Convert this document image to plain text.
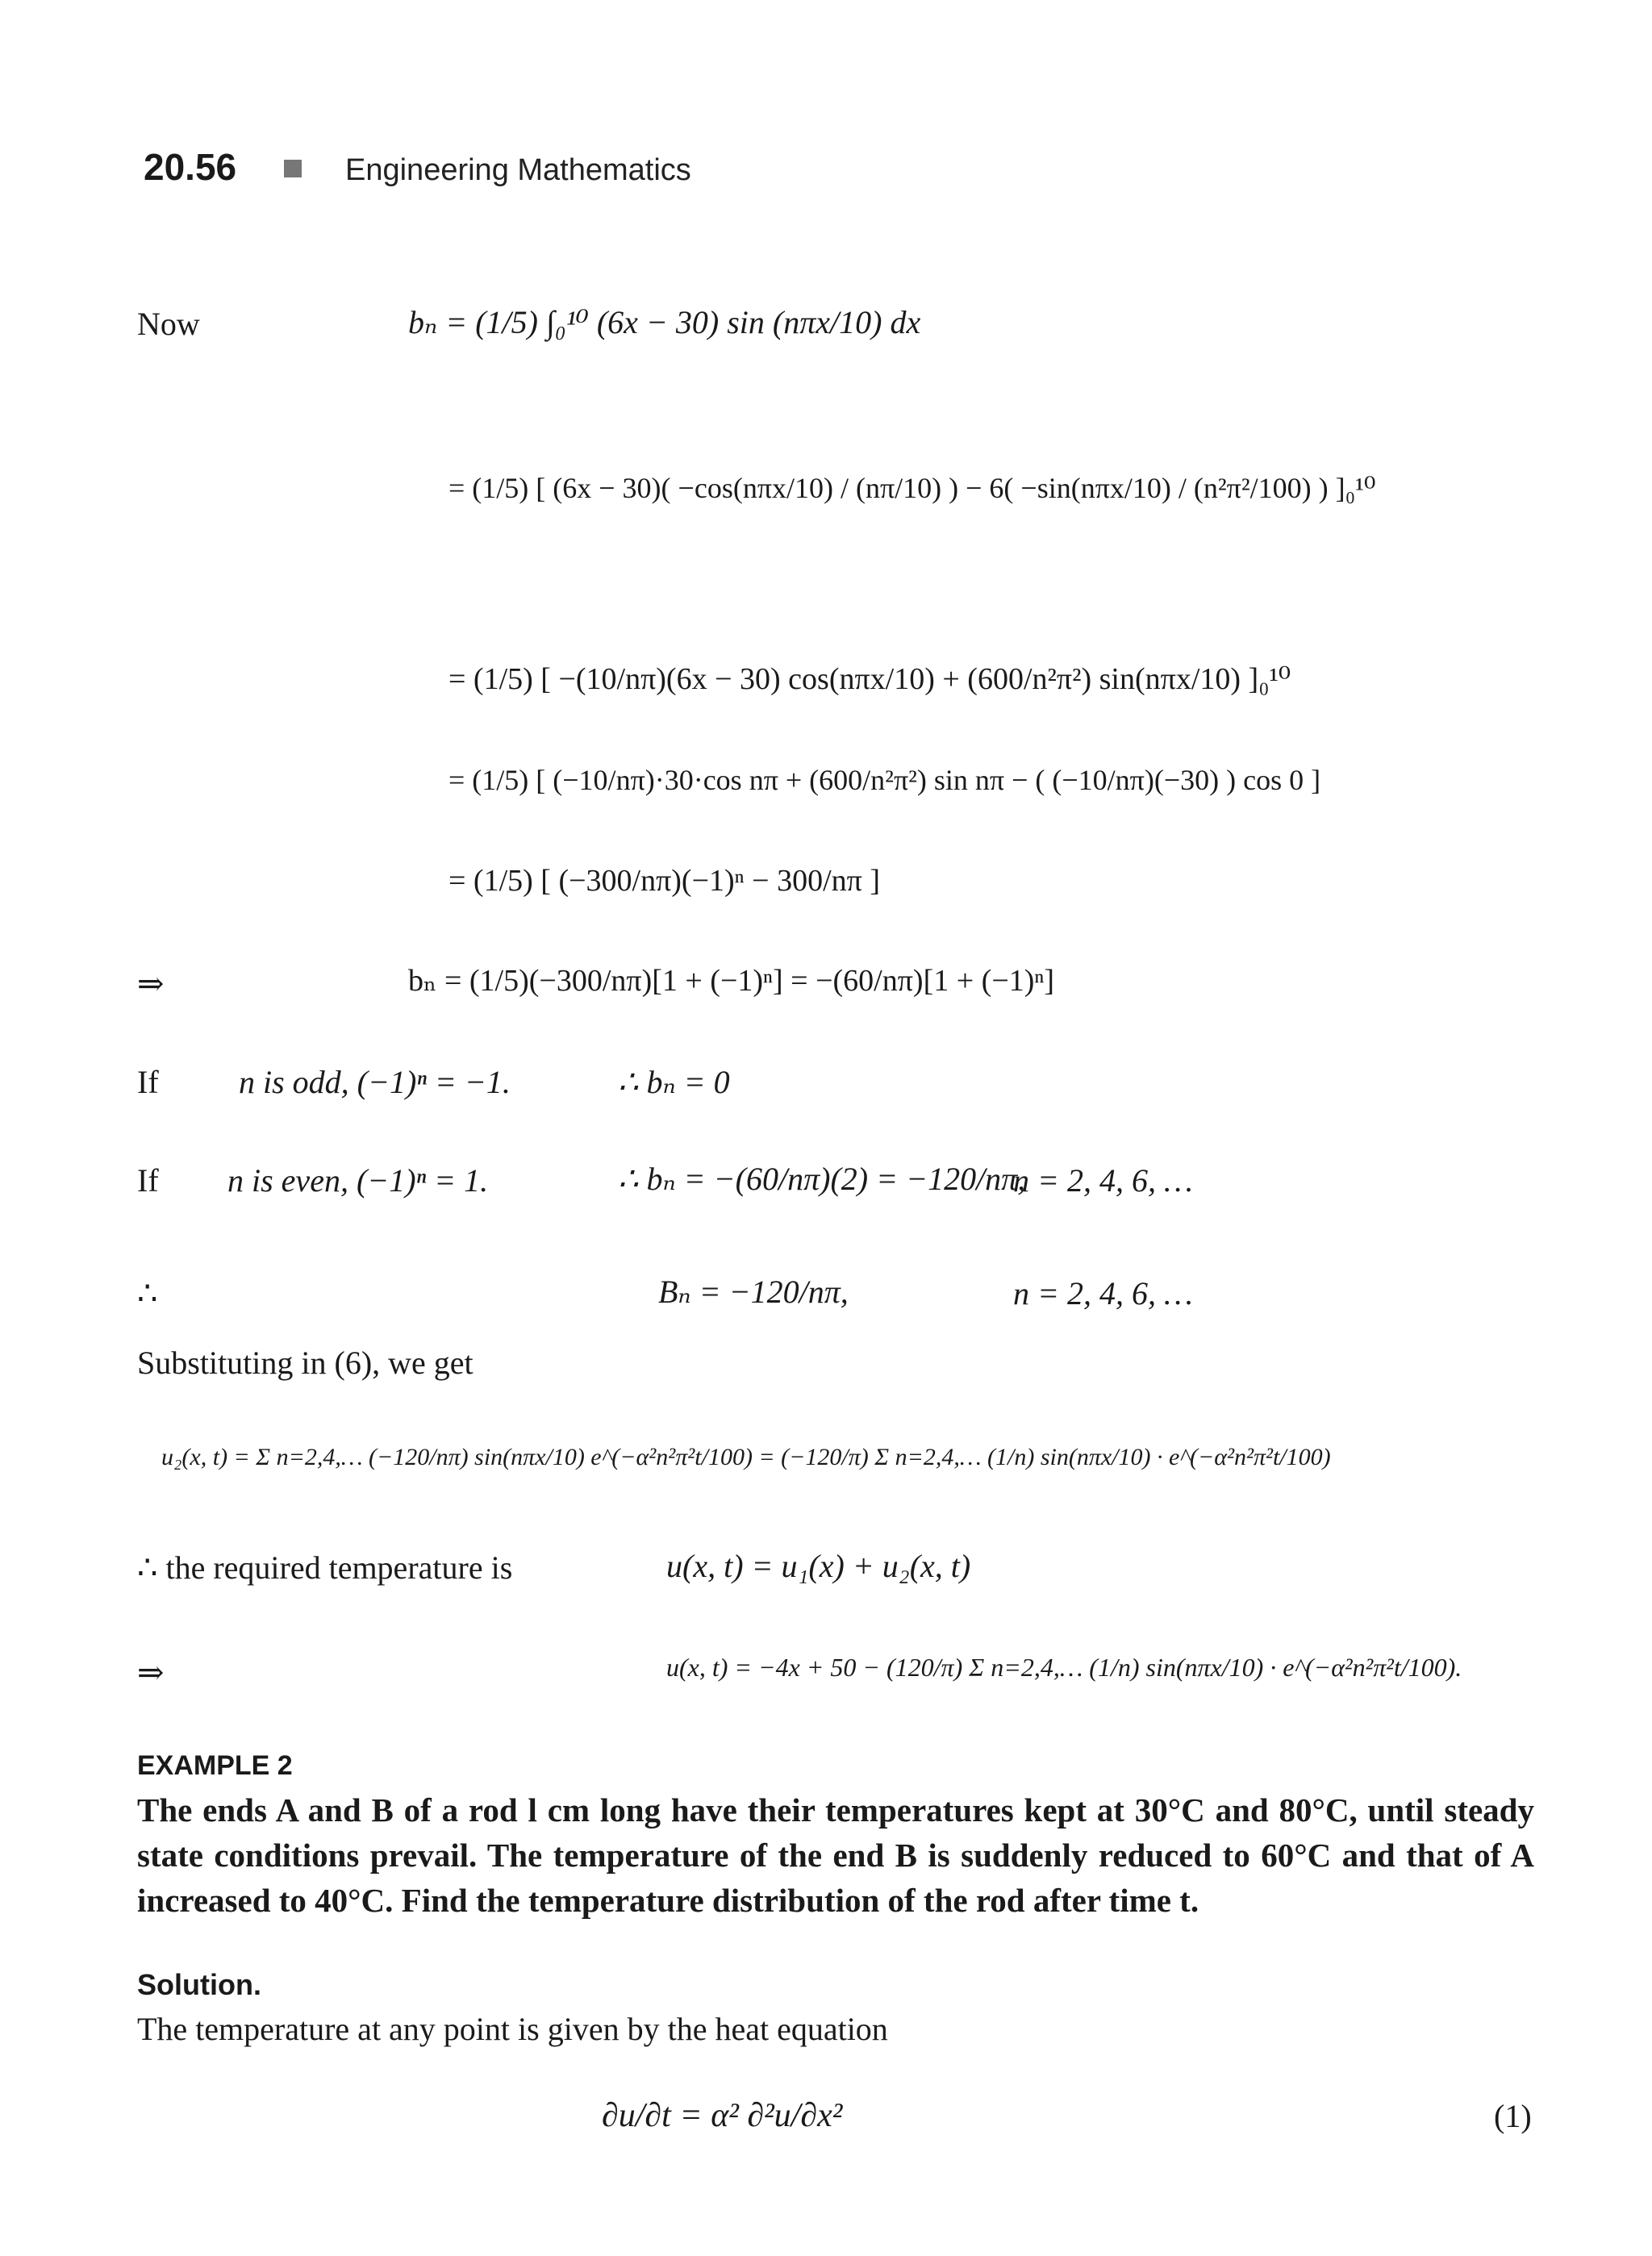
20.56	Engineering Mathematics
Now	bₙ = (1/5) ∫₀¹⁰ (6x − 30) sin (nπx/10) dx
= (1/5) [ (6x − 30)( −cos(nπx/10) / (nπ/10) ) − 6( −sin(nπx/10) / (n²π²/100) ) ]₀¹⁰
= (1/5) [ −(10/nπ)(6x − 30) cos(nπx/10) + (600/n²π²) sin(nπx/10) ]₀¹⁰
= (1/5) [ (−10/nπ)·30·cos nπ + (600/n²π²) sin nπ − ( (−10/nπ)(−30) ) cos 0 ]
= (1/5) [ (−300/nπ)(−1)ⁿ − 300/nπ ]
⇒	bₙ = (1/5)(−300/nπ)[1 + (−1)ⁿ] = −(60/nπ)[1 + (−1)ⁿ]
If n is odd, (−1)ⁿ = −1.	∴ bₙ = 0
If n is even, (−1)ⁿ = 1.	∴ bₙ = −(60/nπ)(2) = −120/nπ,
n = 2, 4, 6, …
∴	Bₙ = −120/nπ,	n = 2, 4, 6, …
Substituting in (6), we get
u₂(x, t) = Σ n=2,4,… (−120/nπ) sin(nπx/10) e^(−α²n²π²t/100) = (−120/π) Σ n=2,4,… (1/n) sin(nπx/10) · e^(−α²n²π²t/100)
∴ the required temperature is	u(x, t) = u₁(x) + u₂(x, t)
⇒	u(x, t) = −4x + 50 − (120/π) Σ n=2,4,… (1/n) sin(nπx/10) · e^(−α²n²π²t/100).
EXAMPLE 2
The ends A and B of a rod l cm long have their temperatures kept at 30°C and 80°C, until steady state conditions prevail. The temperature of the end B is suddenly reduced to 60°C and that of A increased to 40°C. Find the temperature distribution of the rod after time t.
Solution.
The temperature at any point is given by the heat equation
∂u/∂t = α² ∂²u/∂x²	(1)
